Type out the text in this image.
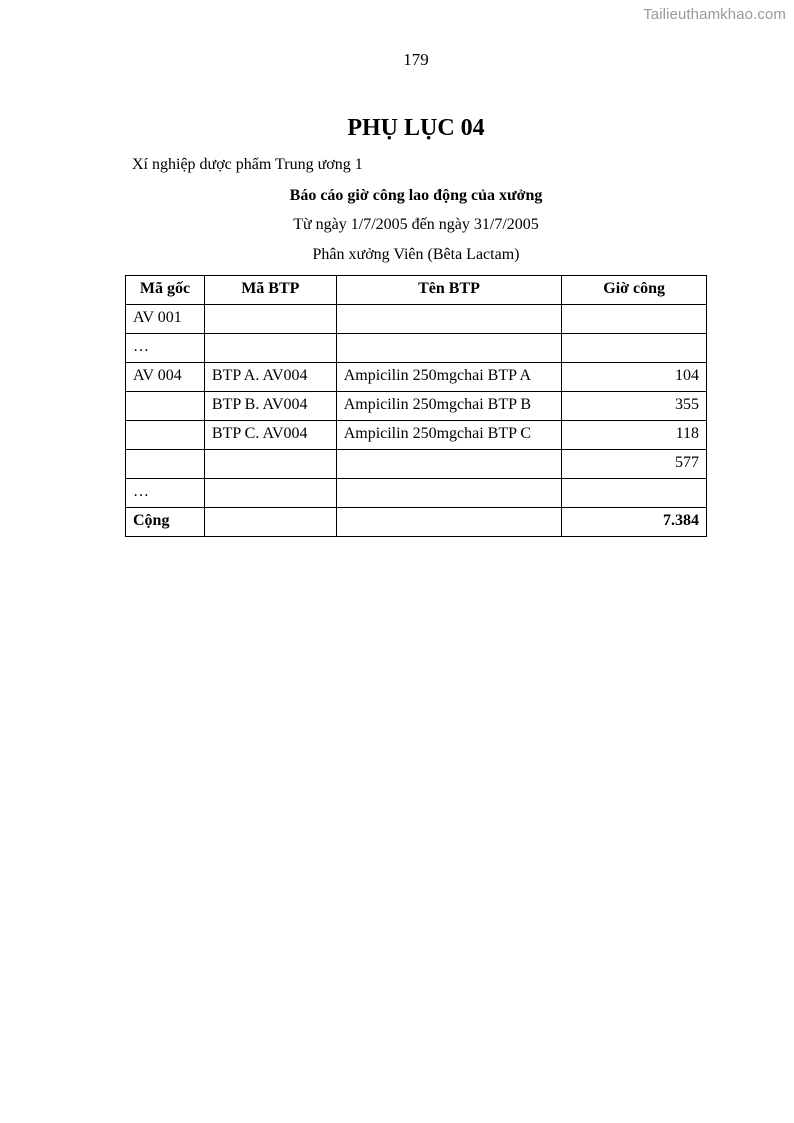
Tailieuthamkhao.com
179
PHỤ LỤC 04
Xí nghiệp dược phẩm Trung ương 1
Báo cáo giờ công lao động của xưởng
Từ ngày 1/7/2005 đến ngày 31/7/2005
Phân xưởng Viên (Bêta Lactam)
Mã gốc	Mã BTP	Tên BTP	Giờ công
AV 001			
…			
AV 004	BTP A. AV004	Ampicilin 250mgchai BTP A	104
	BTP B. AV004	Ampicilin 250mgchai BTP B	355
	BTP C. AV004	Ampicilin 250mgchai BTP C	118
			577
…			
Cộng			7.384
